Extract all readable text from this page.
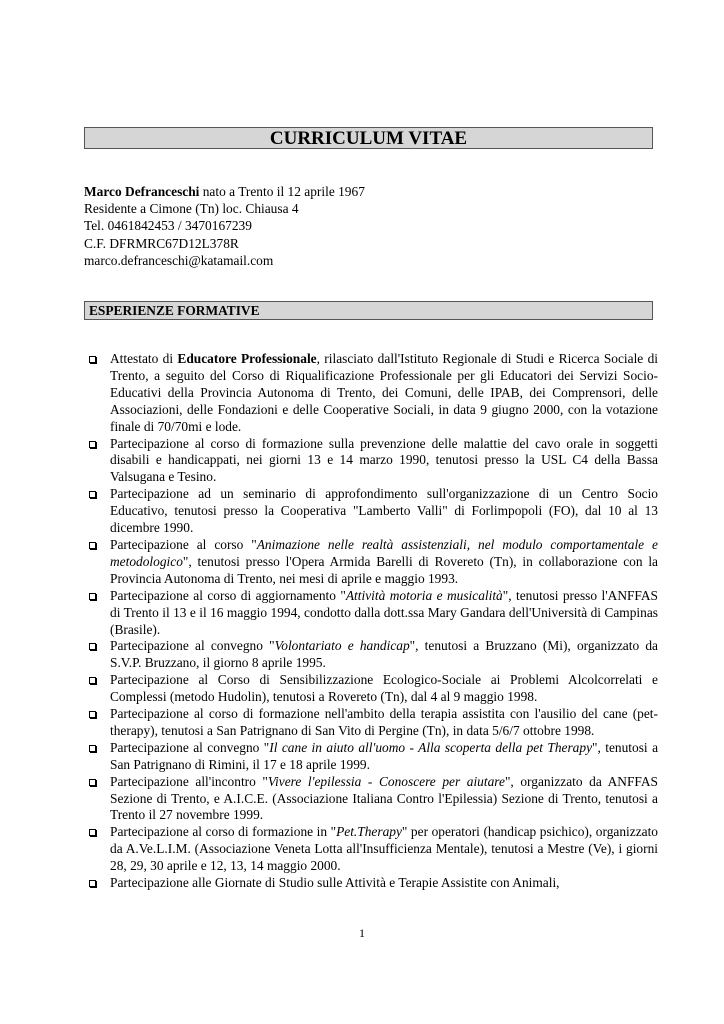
CURRICULUM VITAE
Marco Defranceschi nato a Trento il 12 aprile 1967
Residente a Cimone (Tn) loc. Chiausa 4
Tel. 0461842453 / 3470167239
C.F. DFRMRC67D12L378R
marco.defranceschi@katamail.com
ESPERIENZE FORMATIVE
Attestato di Educatore Professionale, rilasciato dall'Istituto Regionale di Studi e Ricerca Sociale di Trento, a seguito del Corso di Riqualificazione Professionale per gli Educatori dei Servizi Socio-Educativi della Provincia Autonoma di Trento, dei Comuni, delle IPAB, dei Comprensori, delle Associazioni, delle Fondazioni e delle Cooperative Sociali, in data 9 giugno 2000, con la votazione finale di 70/70mi e lode.
Partecipazione al corso di formazione sulla prevenzione delle malattie del cavo orale in soggetti disabili e handicappati, nei giorni 13 e 14 marzo 1990, tenutosi presso la USL C4 della Bassa Valsugana e Tesino.
Partecipazione ad un seminario di approfondimento sull'organizzazione di un Centro Socio Educativo, tenutosi presso la Cooperativa "Lamberto Valli" di Forlimpopoli (FO), dal 10 al 13 dicembre 1990.
Partecipazione al corso "Animazione nelle realtà assistenziali, nel modulo comportamentale e metodologico", tenutosi presso l'Opera Armida Barelli di Rovereto (Tn), in collaborazione con la Provincia Autonoma di Trento, nei mesi di aprile e maggio 1993.
Partecipazione al corso di aggiornamento "Attività motoria e musicalità", tenutosi presso l'ANFFAS di Trento il 13 e il 16 maggio 1994, condotto dalla dott.ssa Mary Gandara dell'Università di Campinas (Brasile).
Partecipazione al convegno "Volontariato e handicap", tenutosi a Bruzzano (Mi), organizzato da S.V.P. Bruzzano, il giorno 8 aprile 1995.
Partecipazione al Corso di Sensibilizzazione Ecologico-Sociale ai Problemi Alcolcorrelati e Complessi (metodo Hudolin), tenutosi a Rovereto (Tn), dal 4 al 9 maggio 1998.
Partecipazione al corso di formazione nell'ambito della terapia assistita con l'ausilio del cane (pet-therapy), tenutosi a San Patrignano di San Vito di Pergine (Tn), in data 5/6/7 ottobre 1998.
Partecipazione al convegno "Il cane in aiuto all'uomo - Alla scoperta della pet Therapy", tenutosi a San Patrignano di Rimini, il 17 e 18 aprile 1999.
Partecipazione all'incontro "Vivere l'epilessia - Conoscere per aiutare", organizzato da ANFFAS Sezione di Trento, e A.I.C.E. (Associazione Italiana Contro l'Epilessia) Sezione di Trento, tenutosi a Trento il 27 novembre 1999.
Partecipazione al corso di formazione in "Pet.Therapy" per operatori (handicap psichico), organizzato da A.Ve.L.I.M. (Associazione Veneta Lotta all'Insufficienza Mentale), tenutosi a Mestre (Ve), i giorni 28, 29, 30 aprile e 12, 13, 14 maggio 2000.
Partecipazione alle Giornate di Studio sulle Attività e Terapie Assistite con Animali,
1
